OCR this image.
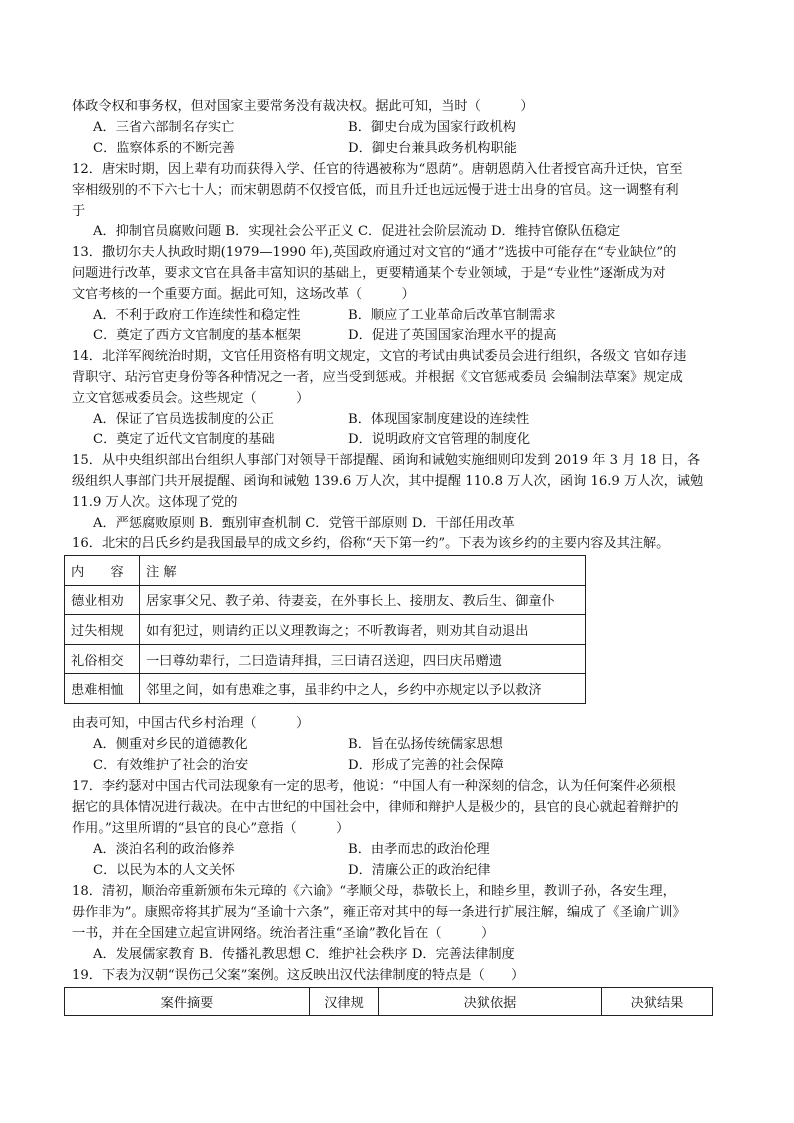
体政令权和事务权，但对国家主要常务没有裁决权。据此可知，当时（　　　）
A．三省六部制名存实亡	B．御史台成为国家行政机构
C．监察体系的不断完善	D．御史台兼具政务机构职能
12．唐宋时期，因上辈有功而获得入学、任官的待遇被称为“恩荫”。唐朝恩荫入仕者授官高升迁快，官至
宰相级别的不下六七十人；而宋朝恩荫不仅授官低，而且升迁也远远慢于进士出身的官员。这一调整有利
于
A．抑制官员腐败问题 B．实现社会公平正义 C．促进社会阶层流动 D．维持官僚队伍稳定
13．撒切尔夫人执政时期(1979—1990 年),英国政府通过对文官的“通才”选拔中可能存在“专业缺位”的
问题进行改革，要求文官在具备丰富知识的基础上，更要精通某个专业领域，于是“专业性”逐渐成为对
文官考核的一个重要方面。据此可知，这场改革（　　　）
A．不利于政府工作连续性和稳定性	B．顺应了工业革命后改革官制需求
C．奠定了西方文官制度的基本框架	D．促进了英国国家治理水平的提高
14．北洋军阀统治时期，文官任用资格有明文规定，文官的考试由典试委员会进行组织，各级文 官如存违
背职守、玷污官吏身份等各种情况之一者，应当受到惩戒。并根据《文官惩戒委员 会编制法草案》规定成
立文官惩戒委员会。这些规定（　　　）
A．保证了官员选拔制度的公正	B．体现国家制度建设的连续性
C．奠定了近代文官制度的基础	D．说明政府文官管理的制度化
15．从中央组织部出台组织人事部门对领导干部提醒、函询和诫勉实施细则印发到 2019 年 3 月 18 日，各
级组织人事部门共开展提醒、函询和诫勉 139.6 万人次，其中提醒 110.8 万人次，函询 16.9 万人次，诫勉
11.9 万人次。这体现了党的
A．严惩腐败原则 B．甄别审查机制 C．党管干部原则 D．干部任用改革
16．北宋的吕氏乡约是我国最早的成文乡约，俗称“天下第一约”。下表为该乡约的主要内容及其注解。
内　　容	注 解
德业相劝	居家事父兄、教子弟、待妻妾，在外事长上、接朋友、教后生、御童仆
过失相规	如有犯过，则请约正以义理教诲之；不听教诲者，则劝其自动退出
礼俗相交	一曰尊幼辈行，二曰造请拜揖，三曰请召送迎，四曰庆吊赠遗
患难相恤	邻里之间，如有患难之事，虽非约中之人，乡约中亦规定以予以救济
由表可知，中国古代乡村治理（　　　）
A．侧重对乡民的道德教化	B．旨在弘扬传统儒家思想
C．有效维护了社会的治安	D．形成了完善的社会保障
17．李约瑟对中国古代司法现象有一定的思考，他说：“中国人有一种深刻的信念，认为任何案件必须根
据它的具体情况进行裁决。在中古世纪的中国社会中，律师和辩护人是极少的，县官的良心就起着辩护的
作用。”这里所谓的“县官的良心”意指（　　　）
A．淡泊名利的政治修养	B．由孝而忠的政治伦理
C．以民为本的人文关怀	D．清廉公正的政治纪律
18．清初，顺治帝重新颁布朱元璋的《六谕》“孝顺父母，恭敬长上，和睦乡里，教训子孙，各安生理，
毋作非为”。康熙帝将其扩展为“圣谕十六条”，雍正帝对其中的每一条进行扩展注解，编成了《圣谕广训》
一书，并在全国建立起宣讲网络。统治者注重“圣谕”教化旨在（　　　）
A．发展儒家教育 B．传播礼教思想 C．维护社会秩序 D．完善法律制度
19．下表为汉朝“误伤己父案”案例。这反映出汉代法律制度的特点是（　　）
案件摘要	汉律规	决狱依据	决狱结果
